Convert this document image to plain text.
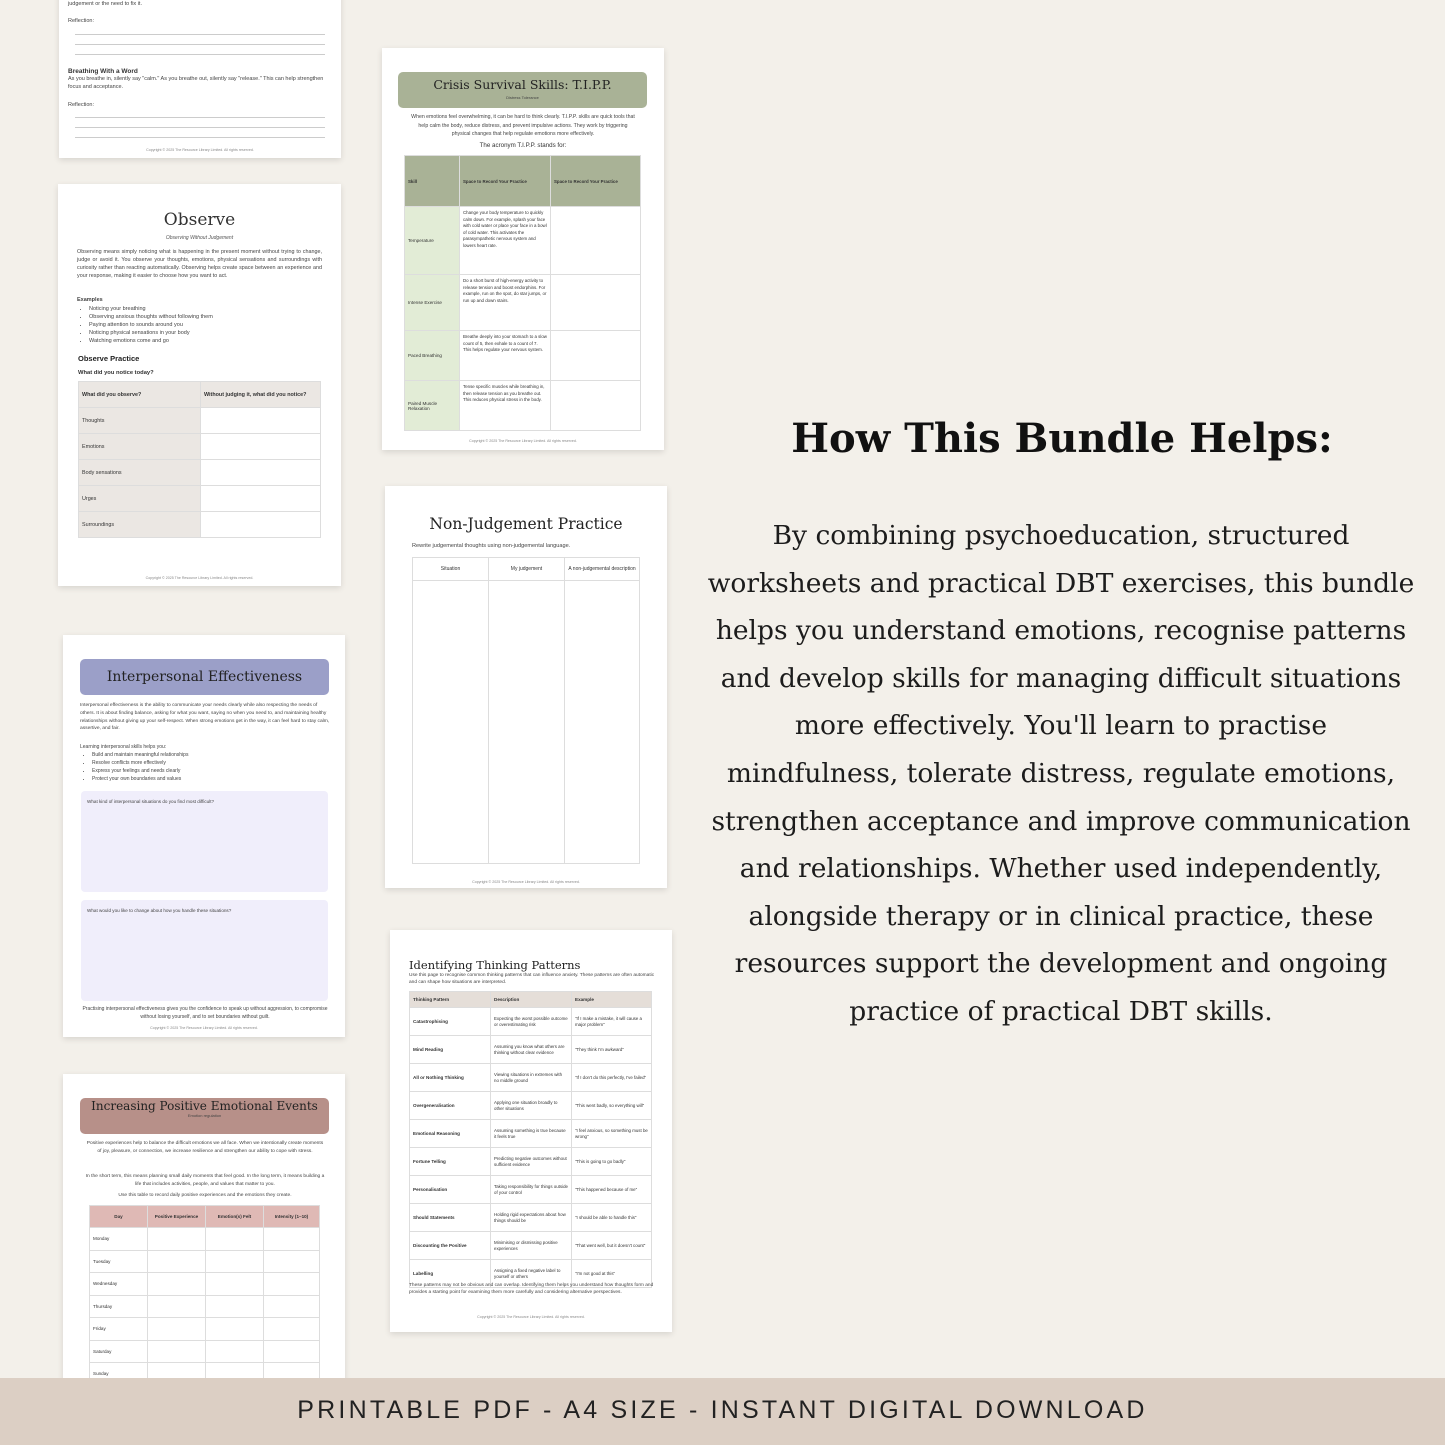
judgement or the need to fix it.
Reflection:
Breathing With a Word
As you breathe in, silently say "calm." As you breathe out, silently say "release." This can help strengthen focus and acceptance.
Reflection:
Copyright © 2025 The Resource Library Limited. All rights reserved.
Observe
Observing Without Judgement
Observing means simply noticing what is happening in the present moment without trying to change, judge or avoid it. You observe your thoughts, emotions, physical sensations and surroundings with curiosity rather than reacting automatically. Observing helps create space between an experience and your response, making it easier to choose how you want to act.
Examples
• Noticing your breathing
• Observing anxious thoughts without following them
• Paying attention to sounds around you
• Noticing physical sensations in your body
• Watching emotions come and go
Observe Practice
What did you notice today?
What did you observe?	Without judging it, what did you notice?
Thoughts	
Emotions	
Body sensations	
Urges	
Surroundings	
Copyright © 2025 The Resource Library Limited. All rights reserved.
Crisis Survival Skills: T.I.P.P.
Distress Tolerance
When emotions feel overwhelming, it can be hard to think clearly. T.I.P.P. skills are quick tools that help calm the body, reduce distress, and prevent impulsive actions. They work by triggering physical changes that help regulate emotions more effectively.
The acronym T.I.P.P. stands for:
Skill	Space to Record Your Practice	Space to Record Your Practice
Temperature	Change your body temperature to quickly calm down. For example, splash your face with cold water or place your face in a bowl of cold water. This activates the parasympathetic nervous system and lowers heart rate.	
Intense Exercise	Do a short burst of high-energy activity to release tension and boost endorphins. For example, run on the spot, do star jumps, or run up and down stairs.	
Paced Breathing	Breathe deeply into your stomach to a slow count of 5, then exhale to a count of 7. This helps regulate your nervous system.	
Paired Muscle Relaxation	Tense specific muscles while breathing in, then release tension as you breathe out. This reduces physical stress in the body.	
Copyright © 2025 The Resource Library Limited. All rights reserved.
Non-Judgement Practice
Rewrite judgemental thoughts using non-judgemental language.
Situation	My judgement	A non-judgemental description

Copyright © 2025 The Resource Library Limited. All rights reserved.
Interpersonal Effectiveness
Interpersonal effectiveness is the ability to communicate your needs clearly while also respecting the needs of others. It is about finding balance, asking for what you want, saying no when you need to, and maintaining healthy relationships without giving up your self-respect. When strong emotions get in the way, it can feel hard to stay calm, assertive, and fair.
Learning interpersonal skills helps you:
• Build and maintain meaningful relationships
• Resolve conflicts more effectively
• Express your feelings and needs clearly
• Protect your own boundaries and values
What kind of interpersonal situations do you find most difficult?
What would you like to change about how you handle these situations?
Practising interpersonal effectiveness gives you the confidence to speak up without aggression, to compromise without losing yourself, and to set boundaries without guilt.
Copyright © 2025 The Resource Library Limited. All rights reserved.
Identifying Thinking Patterns
Use this page to recognise common thinking patterns that can influence anxiety. These patterns are often automatic and can shape how situations are interpreted.
Thinking Pattern	Description	Example
Catastrophising	Expecting the worst possible outcome or overestimating risk	"If I make a mistake, it will cause a major problem"
Mind Reading	Assuming you know what others are thinking without clear evidence	"They think I'm awkward"
All or Nothing Thinking	Viewing situations in extremes with no middle ground	"If I don't do this perfectly, I've failed"
Overgeneralisation	Applying one situation broadly to other situations	"This went badly, so everything will"
Emotional Reasoning	Assuming something is true because it feels true	"I feel anxious, so something must be wrong"
Fortune Telling	Predicting negative outcomes without sufficient evidence	"This is going to go badly"
Personalisation	Taking responsibility for things outside of your control	"This happened because of me"
Should Statements	Holding rigid expectations about how things should be	"I should be able to handle this"
Discounting the Positive	Minimising or dismissing positive experiences	"That went well, but it doesn't count"
Labelling	Assigning a fixed negative label to yourself or others	"I'm not good at this"
These patterns may not be obvious and can overlap. Identifying them helps you understand how thoughts form and provides a starting point for examining them more carefully and considering alternative perspectives.
Copyright © 2025 The Resource Library Limited. All rights reserved.
Increasing Positive Emotional Events
Emotion regulation
Positive experiences help to balance the difficult emotions we all face. When we intentionally create moments of joy, pleasure, or connection, we increase resilience and strengthen our ability to cope with stress.
In the short term, this means planning small daily moments that feel good. In the long term, it means building a life that includes activities, people, and values that matter to you.
Use this table to record daily positive experiences and the emotions they create.
Day	Positive Experience	Emotion(s) Felt	Intensity (1–10)
Monday			
Tuesday			
Wednesday			
Thursday			
Friday			
Saturday			
Sunday			
How This Bundle Helps:
By combining psychoeducation, structured worksheets and practical DBT exercises, this bundle helps you understand emotions, recognise patterns and develop skills for managing difficult situations more effectively. You'll learn to practise mindfulness, tolerate distress, regulate emotions, strengthen acceptance and improve communication and relationships. Whether used independently, alongside therapy or in clinical practice, these resources support the development and ongoing practice of practical DBT skills.
PRINTABLE PDF - A4 SIZE - INSTANT DIGITAL DOWNLOAD
